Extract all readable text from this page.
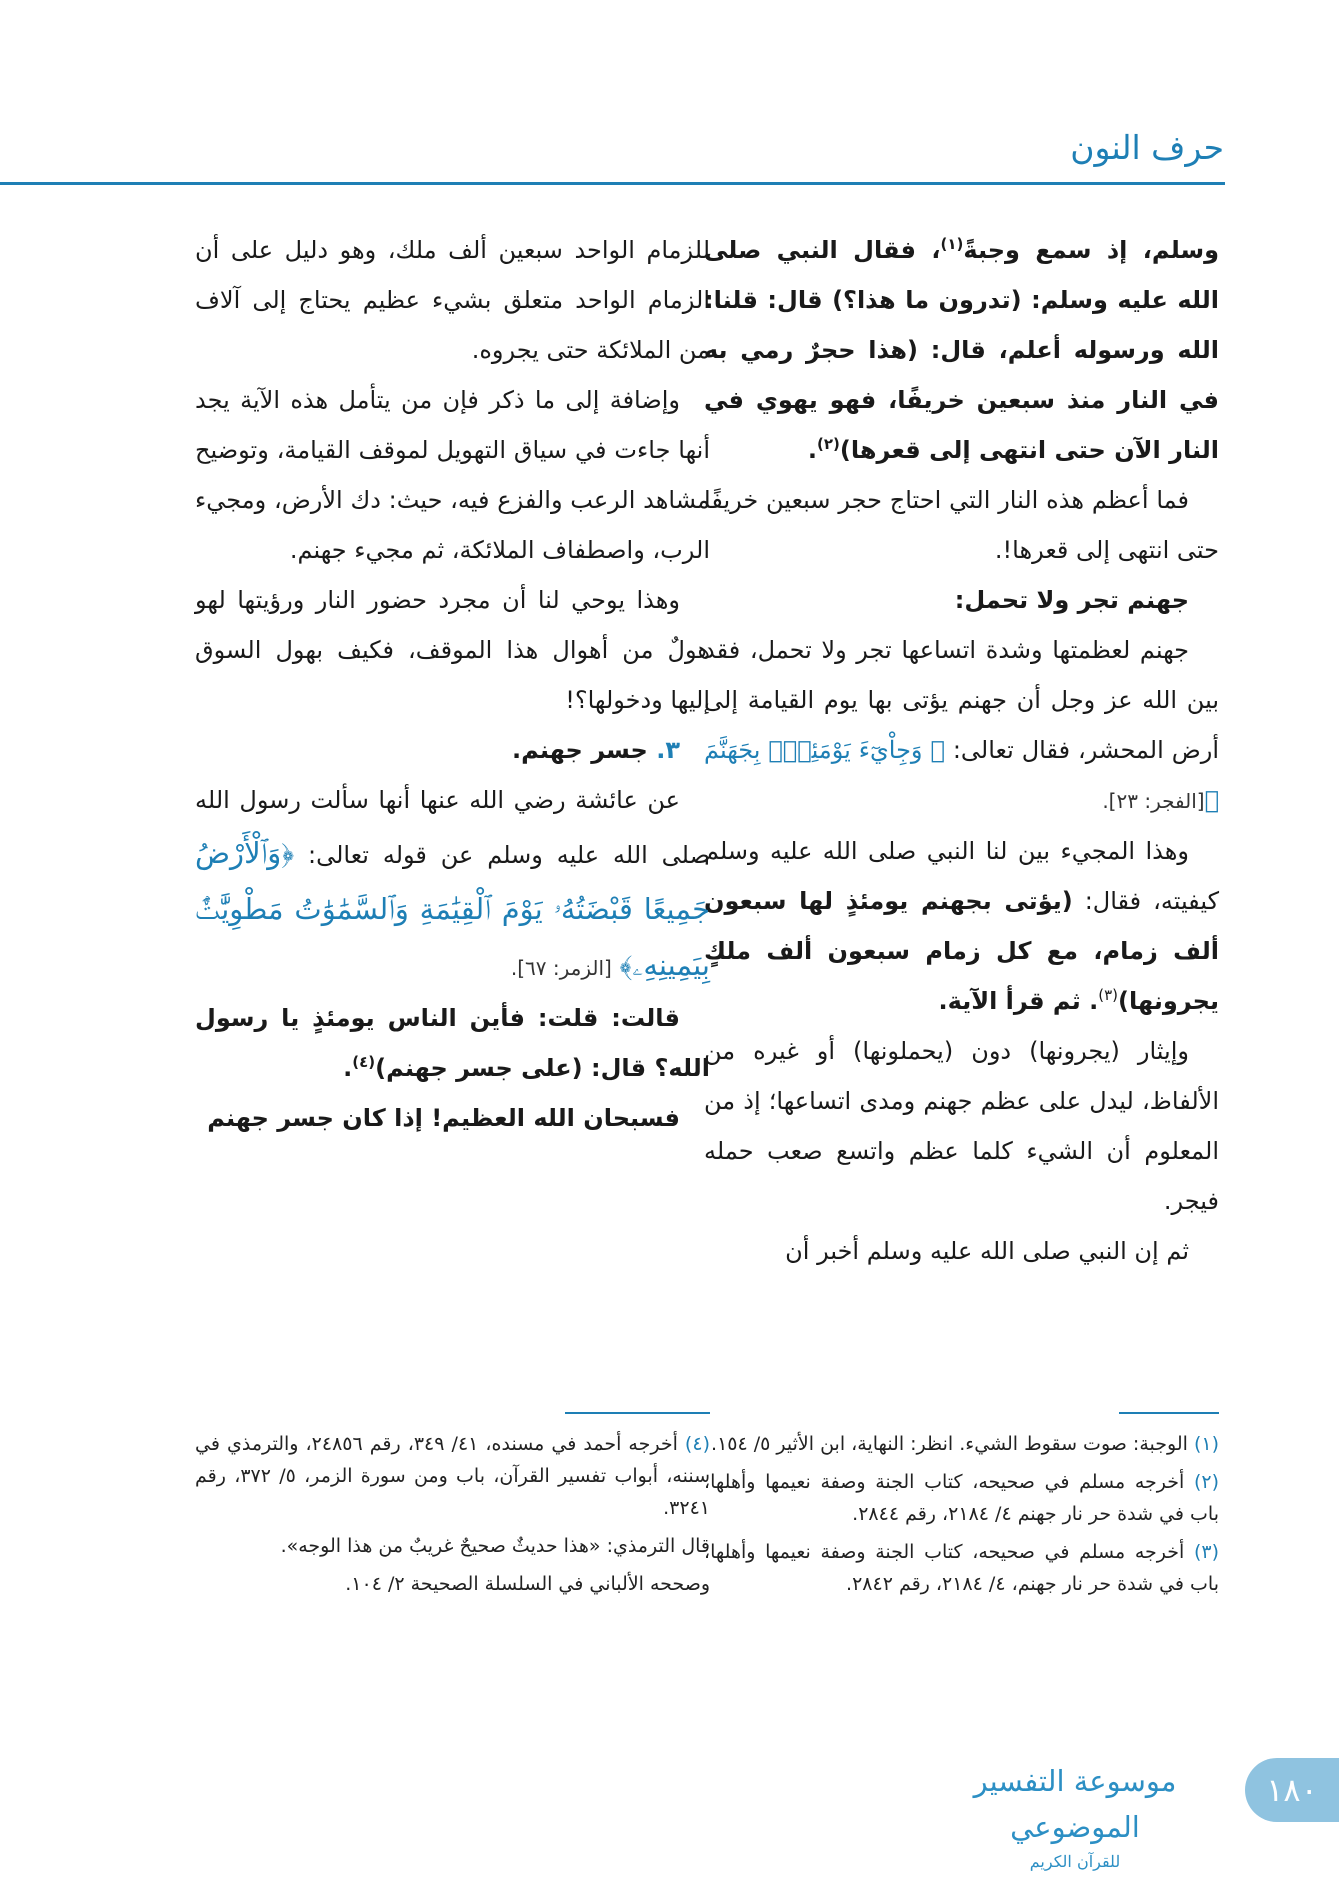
حرف النون

وسلم، إذ سمع وجبةً$^{(١)}$، فقال النبي صلى الله عليه وسلم: (تدرون ما هذا؟) قال: قلنا: الله ورسوله أعلم، قال: (هذا حجرٌ رمي به في النار منذ سبعين خريفًا، فهو يهوي في النار الآن حتى انتهى إلى قعرها)$^{(٢)}$.

فما أعظم هذه النار التي احتاج حجر سبعين خريفًا حتى انتهى إلى قعرها!.

جهنم تجر ولا تحمل:

جهنم لعظمتها وشدة اتساعها تجر ولا تحمل، فقد بين الله عز وجل أن جهنم يؤتى بها يوم القيامة إلى أرض المحشر، فقال تعالى: ﴿ وَجِاْيٓءَ يَوْمَئِذٍۭ بِجَهَنَّمَ ﴾[الفجر: ٢٣].

وهذا المجيء بين لنا النبي صلى الله عليه وسلم كيفيته، فقال: (يؤتى بجهنم يومئذٍ لها سبعون ألف زمام، مع كل زمام سبعون ألف ملكٍ يجرونها)$^{(٣)}$. ثم قرأ الآية.

وإيثار (يجرونها) دون (يحملونها) أو غيره من الألفاظ، ليدل على عظم جهنم ومدى اتساعها؛ إذ من المعلوم أن الشيء كلما عظم واتسع صعب حمله فيجر.

ثم إن النبي صلى الله عليه وسلم أخبر أن

للزمام الواحد سبعين ألف ملك، وهو دليل على أن الزمام الواحد متعلق بشيء عظيم يحتاج إلى آلاف من الملائكة حتى يجروه.

وإضافة إلى ما ذكر فإن من يتأمل هذه الآية يجد أنها جاءت في سياق التهويل لموقف القيامة، وتوضيح مشاهد الرعب والفزع فيه، حيث: دك الأرض، ومجيء الرب، واصطفاف الملائكة، ثم مجيء جهنم.

وهذا يوحي لنا أن مجرد حضور النار ورؤيتها لهو هولٌ من أهوال هذا الموقف، فكيف بهول السوق إليها ودخولها؟!

٣. جسر جهنم.

عن عائشة رضي الله عنها أنها سألت رسول الله صلى الله عليه وسلم عن قوله تعالى: ﴿وَٱلْأَرْضُ جَمِيعًا قَبْضَتُهُۥ يَوْمَ ٱلْقِيَٰمَةِ وَٱلسَّمَٰوَٰتُ مَطْوِيَّٰتٌۢ بِيَمِينِهِۦ﴾ [الزمر: ٦٧].

قالت: قلت: فأين الناس يومئذٍ يا رسول الله؟ قال: (على جسر جهنم)$^{(٤)}$.

فسبحان الله العظيم! إذا كان جسر جهنم

(١) الوجبة: صوت سقوط الشيء. انظر: النهاية، ابن الأثير ٥/ ١٥٤.

(٢) أخرجه مسلم في صحيحه، كتاب الجنة وصفة نعيمها وأهلها، باب في شدة حر نار جهنم ٤/ ٢١٨٤، رقم ٢٨٤٤.

(٣) أخرجه مسلم في صحيحه، كتاب الجنة وصفة نعيمها وأهلها، باب في شدة حر نار جهنم، ٤/ ٢١٨٤، رقم ٢٨٤٢.

(٤) أخرجه أحمد في مسنده، ٤١/ ٣٤٩، رقم ٢٤٨٥٦، والترمذي في سننه، أبواب تفسير القرآن، باب ومن سورة الزمر، ٥/ ٣٧٢، رقم ٣٢٤١.

قال الترمذي: «هذا حديثٌ صحيحٌ غريبٌ من هذا الوجه».

وصححه الألباني في السلسلة الصحيحة ٢/ ١٠٤.

١٨٠
موسوعة التفسير الموضوعي
للقرآن الكريم
